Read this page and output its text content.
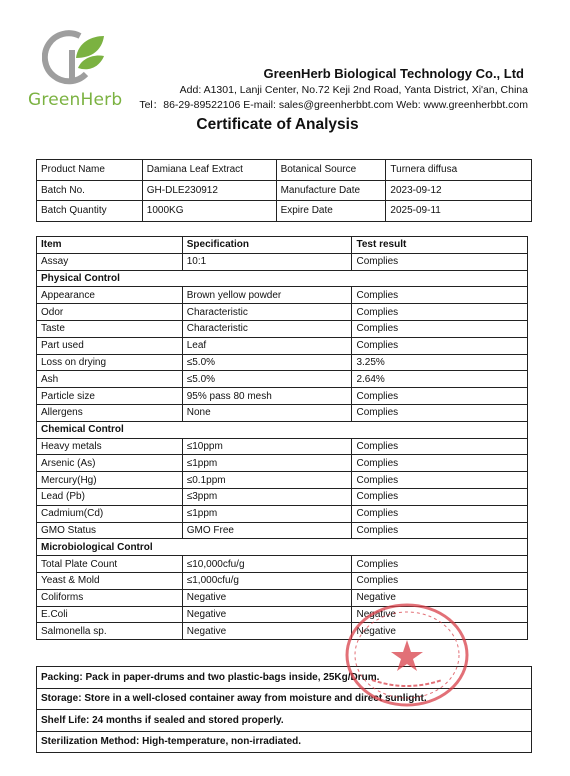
GreenHerb
GreenHerb Biological Technology Co., Ltd
Add: A1301, Lanji Center, No.72 Keji 2nd Road, Yanta District, Xi'an, China
Tel：86-29-89522106 E-mail: sales@greenherbbt.com Web: www.greenherbbt.com
Certificate of Analysis
Product Name	Damiana Leaf Extract	Botanical Source	Turnera diffusa
Batch No.	GH-DLE230912	Manufacture Date	2023-09-12
Batch Quantity	1000KG	Expire Date	2025-09-11
Item	Specification	Test result
Assay	10:1	Complies
Physical Control		
Appearance	Brown yellow powder	Complies
Odor	Characteristic	Complies
Taste	Characteristic	Complies
Part used	Leaf	Complies
Loss on drying	≤5.0%	3.25%
Ash	≤5.0%	2.64%
Particle size	95% pass 80 mesh	Complies
Allergens	None	Complies
Chemical Control		
Heavy metals	≤10ppm	Complies
Arsenic (As)	≤1ppm	Complies
Mercury(Hg)	≤0.1ppm	Complies
Lead (Pb)	≤3ppm	Complies
Cadmium(Cd)	≤1ppm	Complies
GMO Status	GMO Free	Complies
Microbiological Control		
Total Plate Count	≤10,000cfu/g	Complies
Yeast & Mold	≤1,000cfu/g	Complies
Coliforms	Negative	Negative
E.Coli	Negative	Negative
Salmonella sp.	Negative	Negative
Packing: Pack in paper-drums and two plastic-bags inside, 25Kg/Drum.
Storage: Store in a well-closed container away from moisture and direct sunlight.
Shelf Life: 24 months if sealed and stored properly.
Sterilization Method: High-temperature, non-irradiated.
